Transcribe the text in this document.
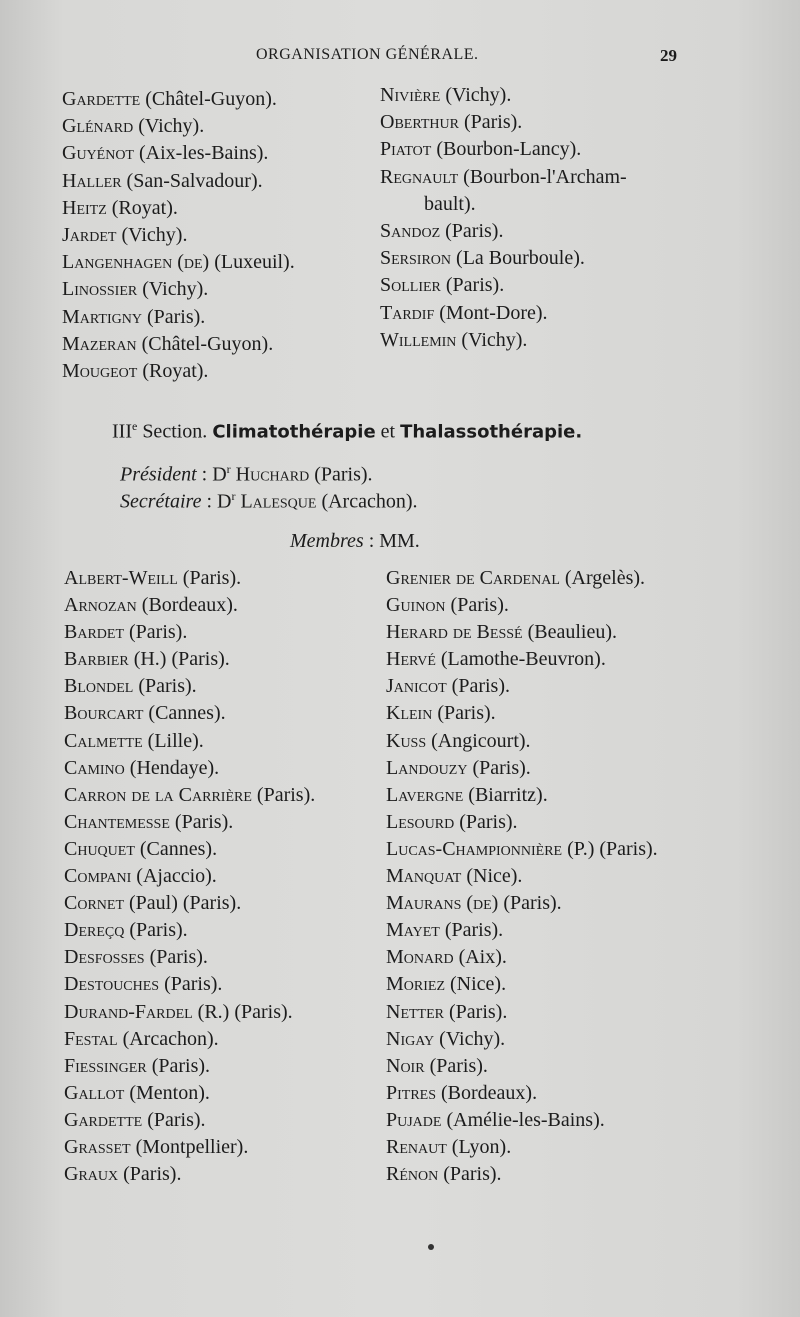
ORGANISATION GÉNÉRALE.	29
Gardette (Châtel-Guyon).
Glénard (Vichy).
Guyénot (Aix-les-Bains).
Haller (San-Salvadour).
Heitz (Royat).
Jardet (Vichy).
Langenhagen (de) (Luxeuil).
Linossier (Vichy).
Martigny (Paris).
Mazeran (Châtel-Guyon).
Mougeot (Royat).
Nivière (Vichy).
Oberthur (Paris).
Piatot (Bourbon-Lancy).
Regnault (Bourbon-l'Archam-
bault).
Sandoz (Paris).
Sersiron (La Bourboule).
Sollier (Paris).
Tardif (Mont-Dore).
Willemin (Vichy).
IIIe Section. Climatothérapie et Thalassothérapie.
Président : $D^r$ Huchard (Paris).
Secrétaire : $D^r$ Lalesque (Arcachon).
Membres : MM.
Albert-Weill (Paris).
Arnozan (Bordeaux).
Bardet (Paris).
Barbier (H.) (Paris).
Blondel (Paris).
Bourcart (Cannes).
Calmette (Lille).
Camino (Hendaye).
Carron de la Carrière (Paris).
Chantemesse (Paris).
Chuquet (Cannes).
Compani (Ajaccio).
Cornet (Paul) (Paris).
Dereçq (Paris).
Desfosses (Paris).
Destouches (Paris).
Durand-Fardel (R.) (Paris).
Festal (Arcachon).
Fiessinger (Paris).
Gallot (Menton).
Gardette (Paris).
Grasset (Montpellier).
Graux (Paris).
Grenier de Cardenal (Argelès).
Guinon (Paris).
Herard de Bessé (Beaulieu).
Hervé (Lamothe-Beuvron).
Janicot (Paris).
Klein (Paris).
Kuss (Angicourt).
Landouzy (Paris).
Lavergne (Biarritz).
Lesourd (Paris).
Lucas-Championnière (P.) (Paris).
Manquat (Nice).
Maurans (de) (Paris).
Mayet (Paris).
Monard (Aix).
Moriez (Nice).
Netter (Paris).
Nigay (Vichy).
Noir (Paris).
Pitres (Bordeaux).
Pujade (Amélie-les-Bains).
Renaut (Lyon).
Rénon (Paris).
